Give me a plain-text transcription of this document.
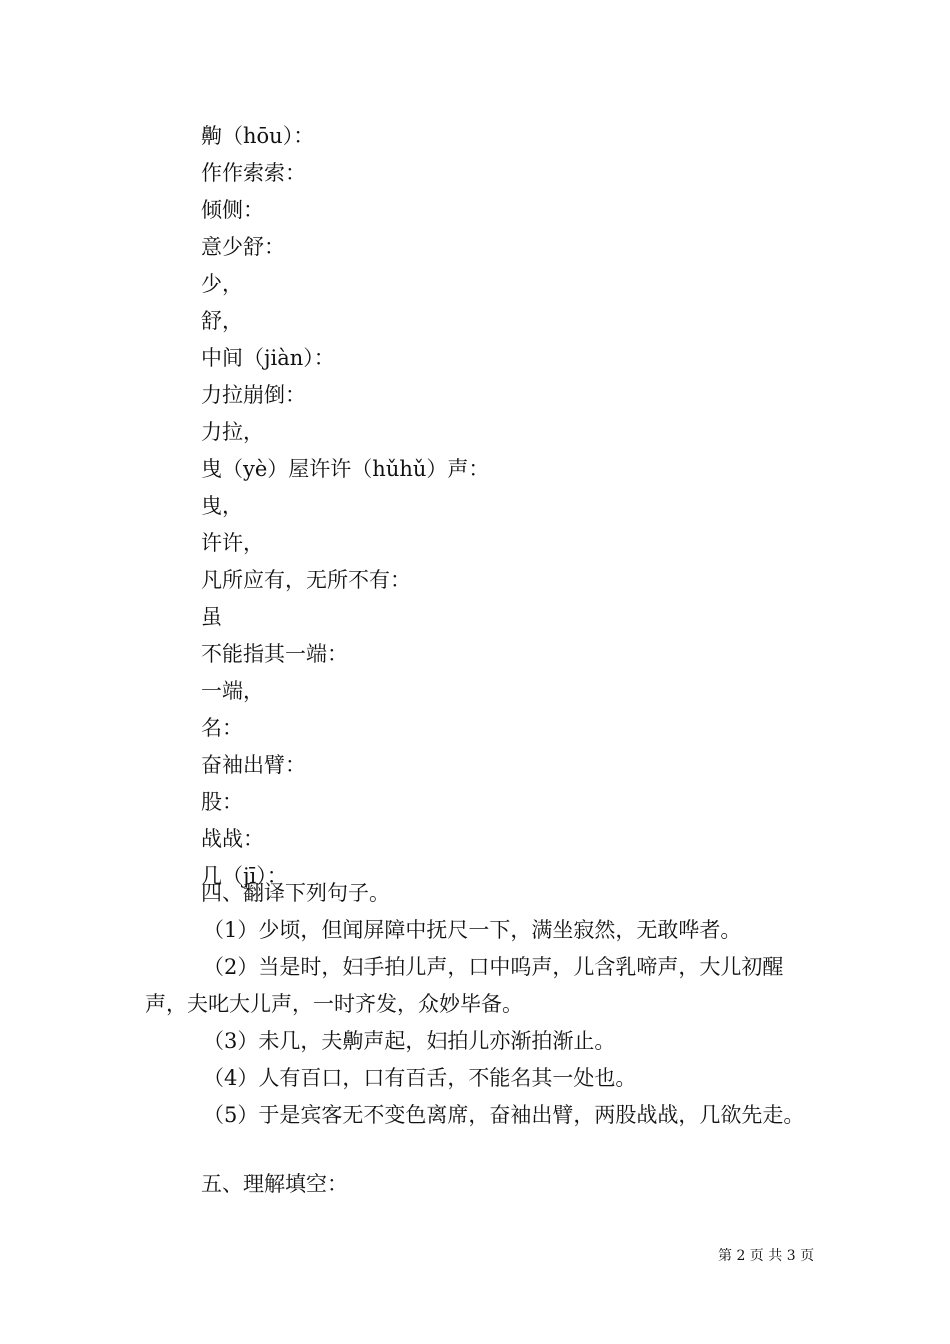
齁（hōu）：
作作索索：
倾侧：
意少舒：
少，
舒，
中间（jiàn）：
力拉崩倒：
力拉，
曳（yè）屋许许（hǔhǔ）声：
曳，
许许，
凡所应有，无所不有：
虽
不能指其一端：
一端，
名：
奋袖出臂：
股：
战战：
几（jī）：

四、翻译下列句子。

（1）少顷，但闻屏障中抚尺一下，满坐寂然，无敢哗者。
（2）当是时，妇手拍儿声，口中呜声，儿含乳啼声，大儿初醒声，夫叱大儿声，一时齐发，众妙毕备。
（3）未几，夫齁声起，妇拍儿亦渐拍渐止。
（4）人有百口，口有百舌，不能名其一处也。
（5）于是宾客无不变色离席，奋袖出臂，两股战战，几欲先走。

五、理解填空：

第 2 页 共 3 页
